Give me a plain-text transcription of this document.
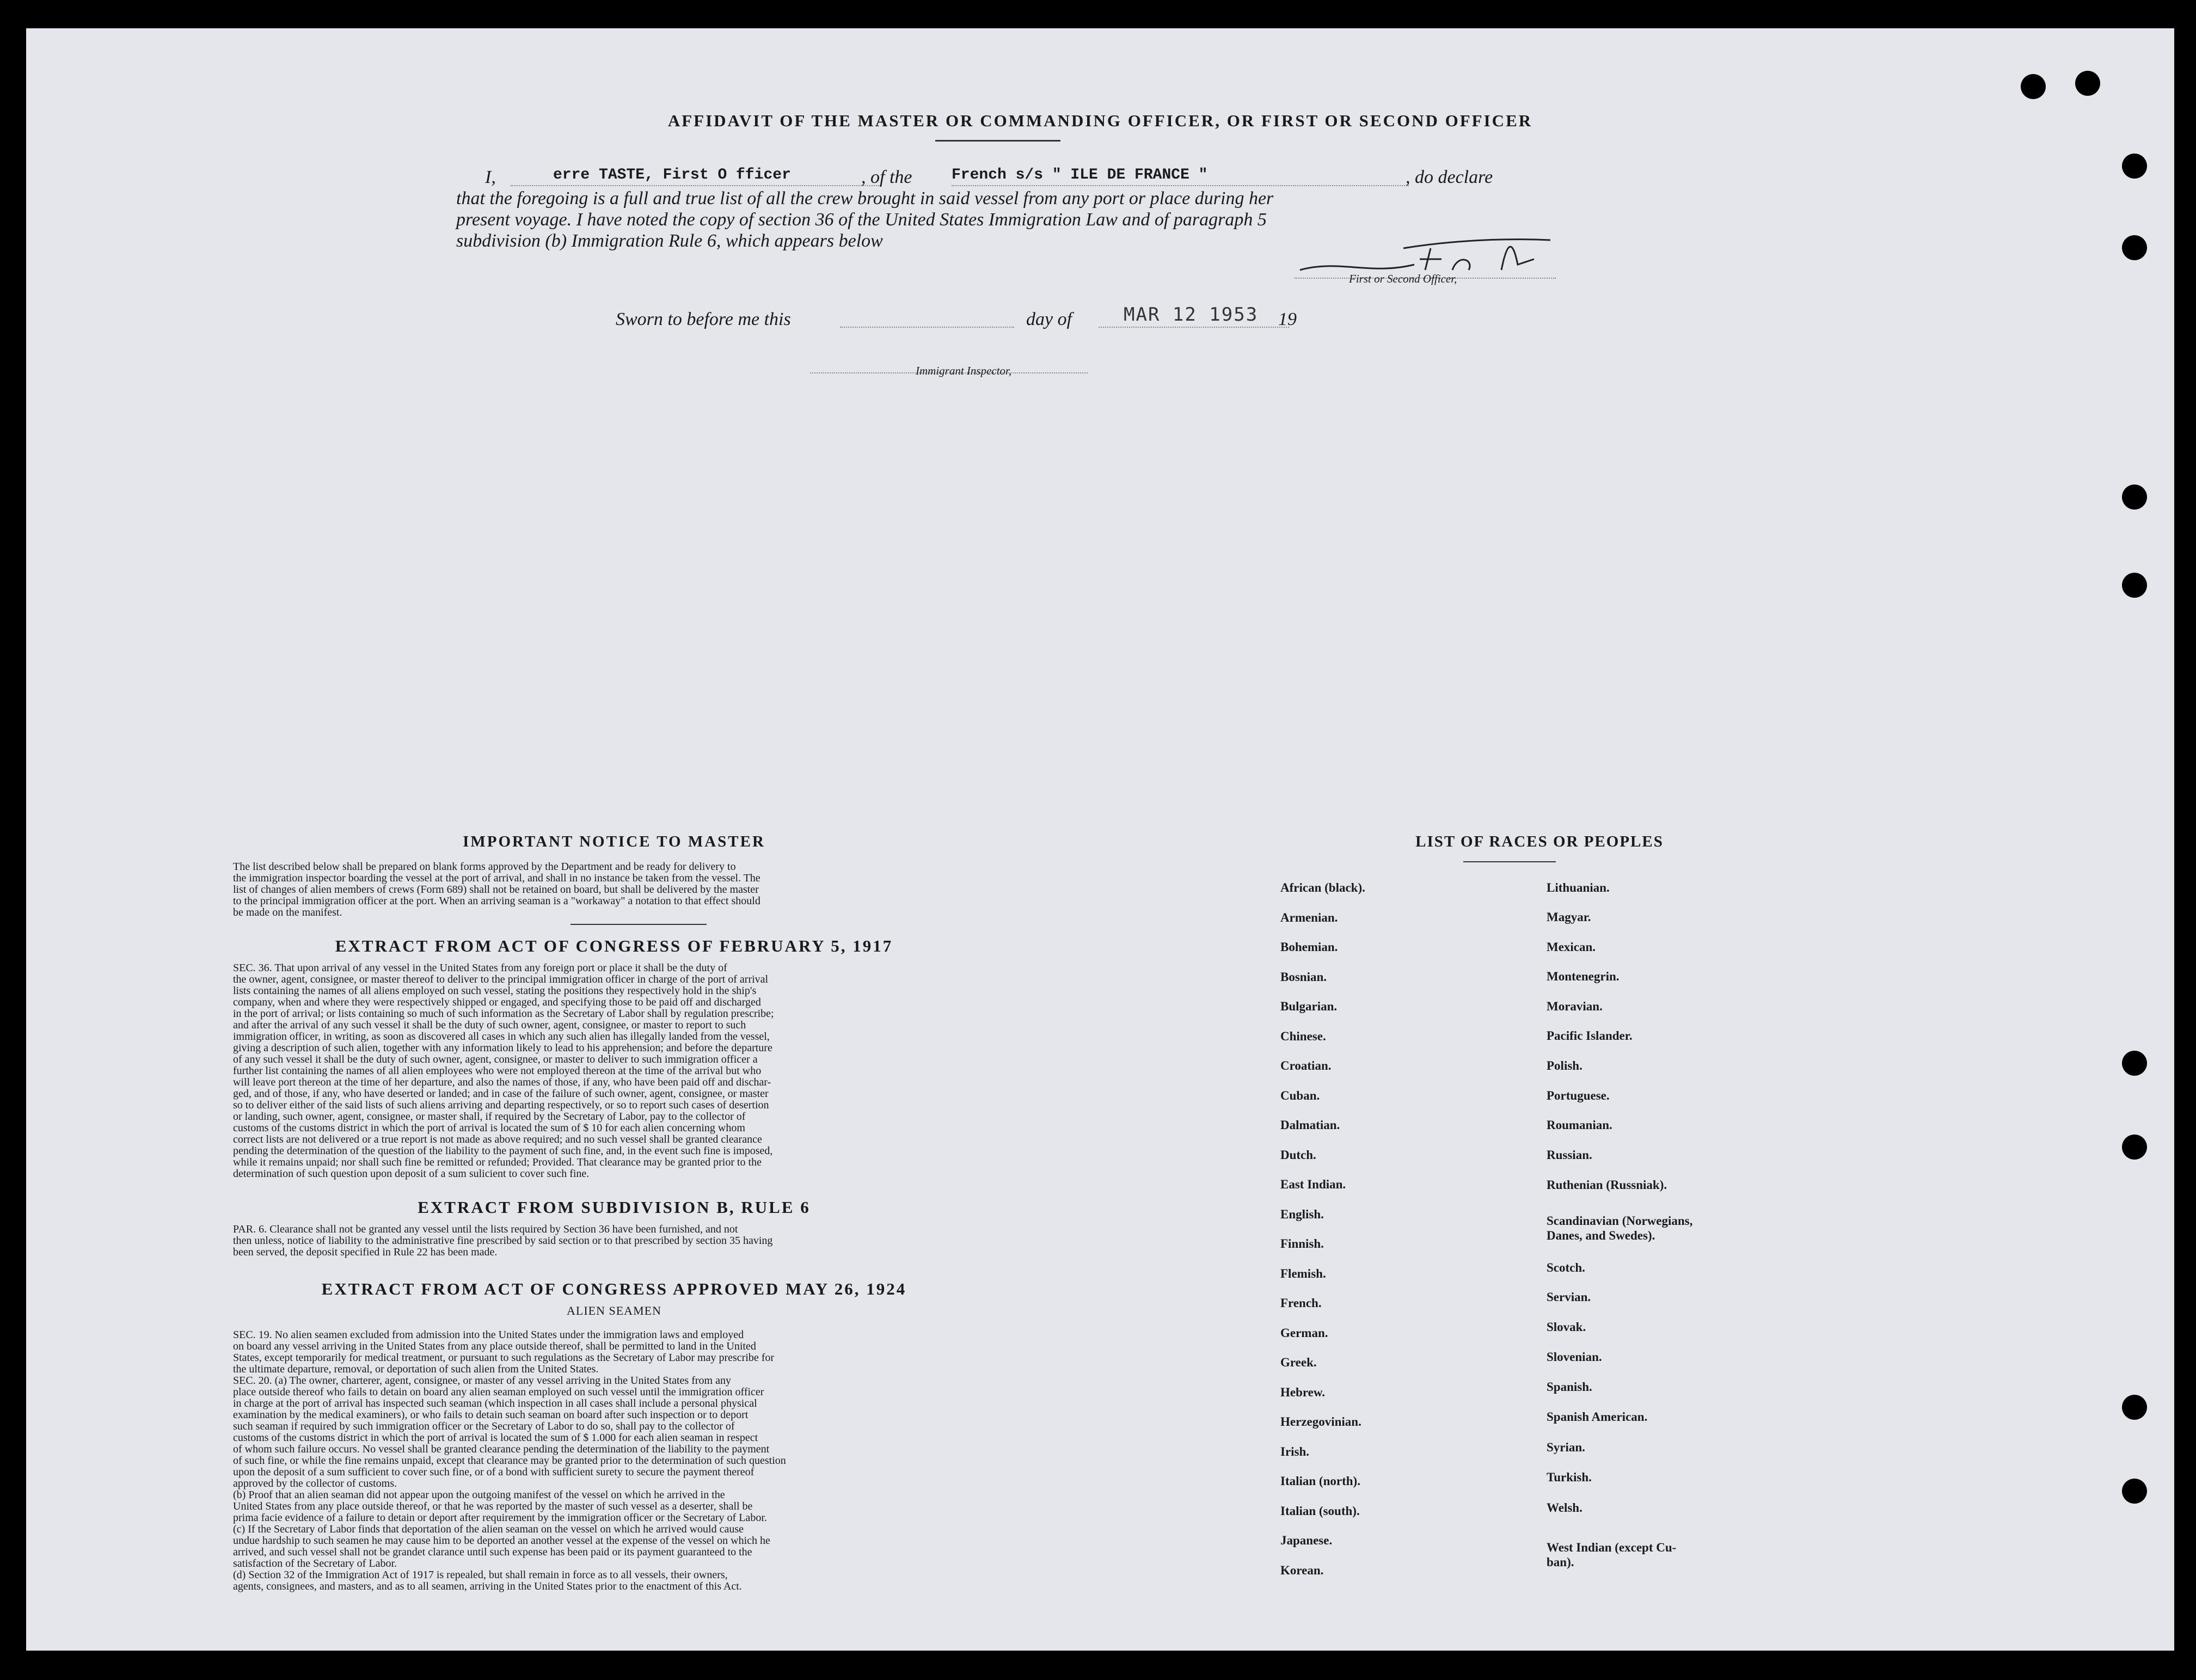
AFFIDAVIT OF THE MASTER OR COMMANDING OFFICER, OR FIRST OR SECOND OFFICER
I,	erre TASTE, First O fficer	, of the	French s/s " ILE DE FRANCE "	, do declare
that the foregoing is a full and true list of all the crew brought in said vessel from any port or place during her
present voyage. I have noted the copy of section 36 of the United States Immigration Law and of paragraph 5
subdivision (b) Immigration Rule 6, which appears below
First or Second Officer,
Sworn to before me this	day of	MAR 12 1953 19
Immigrant Inspector,
IMPORTANT NOTICE TO MASTER
The list described below shall be prepared on blank forms approved by the Department and be ready for delivery to
the immigration inspector boarding the vessel at the port of arrival, and shall in no instance be taken from the vessel. The
list of changes of alien members of crews (Form 689) shall not be retained on board, but shall be delivered by the master
to the principal immigration officer at the port. When an arriving seaman is a "workaway" a notation to that effect should
be made on the manifest.
EXTRACT FROM ACT OF CONGRESS OF FEBRUARY 5, 1917
SEC. 36. That upon arrival of any vessel in the United States from any foreign port or place it shall be the duty of
the owner, agent, consignee, or master thereof to deliver to the principal immigration officer in charge of the port of arrival
lists containing the names of all aliens employed on such vessel, stating the positions they respectively hold in the ship's
company, when and where they were respectively shipped or engaged, and specifying those to be paid off and discharged
in the port of arrival; or lists containing so much of such information as the Secretary of Labor shall by regulation prescribe;
and after the arrival of any such vessel it shall be the duty of such owner, agent, consignee, or master to report to such
immigration officer, in writing, as soon as discovered all cases in which any such alien has illegally landed from the vessel,
giving a description of such alien, together with any information likely to lead to his apprehension; and before the departure
of any such vessel it shall be the duty of such owner, agent, consignee, or master to deliver to such immigration officer a
further list containing the names of all alien employees who were not employed thereon at the time of the arrival but who
will leave port thereon at the time of her departure, and also the names of those, if any, who have been paid off and dischar-
ged, and of those, if any, who have deserted or landed; and in case of the failure of such owner, agent, consignee, or master
so to deliver either of the said lists of such aliens arriving and departing respectively, or so to report such cases of desertion
or landing, such owner, agent, consignee, or master shall, if required by the Secretary of Labor, pay to the collector of
customs of the customs district in which the port of arrival is located the sum of $ 10 for each alien concerning whom
correct lists are not delivered or a true report is not made as above required; and no such vessel shall be granted clearance
pending the determination of the question of the liability to the payment of such fine, and, in the event such fine is imposed,
while it remains unpaid; nor shall such fine be remitted or refunded; Provided. That clearance may be granted prior to the
determination of such question upon deposit of a sum sulicient to cover such fine.
EXTRACT FROM SUBDIVISION B, RULE 6
PAR. 6. Clearance shall not be granted any vessel until the lists required by Section 36 have been furnished, and not
then unless, notice of liability to the administrative fine prescribed by said section or to that prescribed by section 35 having
been served, the deposit specified in Rule 22 has been made.
EXTRACT FROM ACT OF CONGRESS APPROVED MAY 26, 1924
ALIEN SEAMEN
SEC. 19. No alien seamen excluded from admission into the United States under the immigration laws and employed
on board any vessel arriving in the United States from any place outside thereof, shall be permitted to land in the United
States, except temporarily for medical treatment, or pursuant to such regulations as the Secretary of Labor may prescribe for
the ultimate departure, removal, or deportation of such alien from the United States.
SEC. 20. (a) The owner, charterer, agent, consignee, or master of any vessel arriving in the United States from any
place outside thereof who fails to detain on board any alien seaman employed on such vessel until the immigration officer
in charge at the port of arrival has inspected such seaman (which inspection in all cases shall include a personal physical
examination by the medical examiners), or who fails to detain such seaman on board after such inspection or to deport
such seaman if required by such immigration officer or the Secretary of Labor to do so, shall pay to the collector of
customs of the customs district in which the port of arrival is located the sum of $ 1.000 for each alien seaman in respect
of whom such failure occurs. No vessel shall be granted clearance pending the determination of the liability to the payment
of such fine, or while the fine remains unpaid, except that clearance may be granted prior to the determination of such question
upon the deposit of a sum sufficient to cover such fine, or of a bond with sufficient surety to secure the payment thereof
approved by the collector of customs.
(b) Proof that an alien seaman did not appear upon the outgoing manifest of the vessel on which he arrived in the
United States from any place outside thereof, or that he was reported by the master of such vessel as a deserter, shall be
prima facie evidence of a failure to detain or deport after requirement by the immigration officer or the Secretary of Labor.
(c) If the Secretary of Labor finds that deportation of the alien seaman on the vessel on which he arrived would cause
undue hardship to such seamen he may cause him to be deported an another vessel at the expense of the vessel on which he
arrived, and such vessel shall not be grandet clarance until such expense has been paid or its payment guaranteed to the
satisfaction of the Secretary of Labor.
(d) Section 32 of the Immigration Act of 1917 is repealed, but shall remain in force as to all vessels, their owners,
agents, consignees, and masters, and as to all seamen, arriving in the United States prior to the enactment of this Act.
LIST OF RACES OR PEOPLES
African (black).
Armenian.
Bohemian.
Bosnian.
Bulgarian.
Chinese.
Croatian.
Cuban.
Dalmatian.
Dutch.
East Indian.
English.
Finnish.
Flemish.
French.
German.
Greek.
Hebrew.
Herzegovinian.
Irish.
Italian (north).
Italian (south).
Japanese.
Korean.
Lithuanian.
Magyar.
Mexican.
Montenegrin.
Moravian.
Pacific Islander.
Polish.
Portuguese.
Roumanian.
Russian.
Ruthenian (Russniak).
Scandinavian (Norwegians,
Danes, and Swedes).
Scotch.
Servian.
Slovak.
Slovenian.
Spanish.
Spanish American.
Syrian.
Turkish.
Welsh.
West Indian (except Cu-
ban).
